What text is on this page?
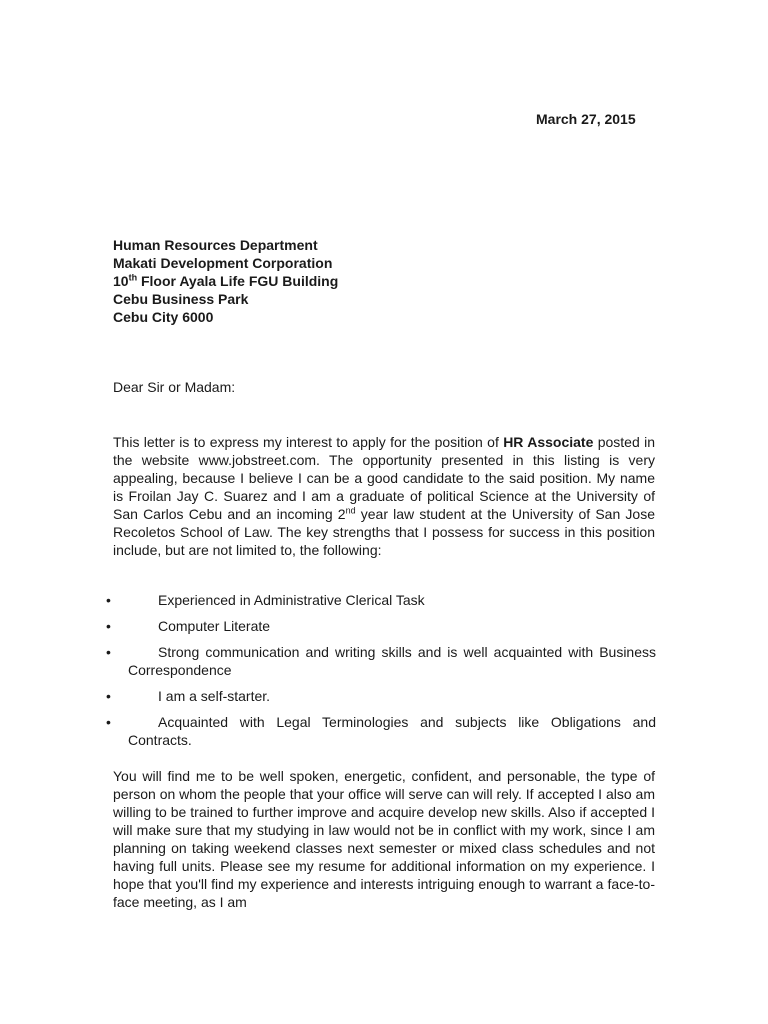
March 27, 2015
Human Resources Department
Makati Development Corporation
10th Floor Ayala Life FGU Building
Cebu Business Park
Cebu City 6000
Dear Sir or Madam:
This letter is to express my interest to apply for the position of HR Associate posted in the website www.jobstreet.com. The opportunity presented in this listing is very appealing, because I believe I can be a good candidate to the said position. My name is Froilan Jay C. Suarez and I am a graduate of political Science at the University of San Carlos Cebu and an incoming 2nd year law student at the University of San Jose Recoletos School of Law. The key strengths that I possess for success in this position include, but are not limited to, the following:
•	Experienced in Administrative Clerical Task
•	Computer Literate
•	Strong communication and writing skills and is well acquainted with Business Correspondence
•	I am a self-starter.
•	Acquainted with Legal Terminologies and subjects like Obligations and Contracts.
You will find me to be well spoken, energetic, confident, and personable, the type of person on whom the people that your office will serve can will rely. If accepted I also am willing to be trained to further improve and acquire develop new skills. Also if accepted I will make sure that my studying in law would not be in conflict with my work, since I am planning on taking weekend classes next semester or mixed class schedules and not having full units. Please see my resume for additional information on my experience. I hope that you'll find my experience and interests intriguing enough to warrant a face-to-face meeting, as I am
